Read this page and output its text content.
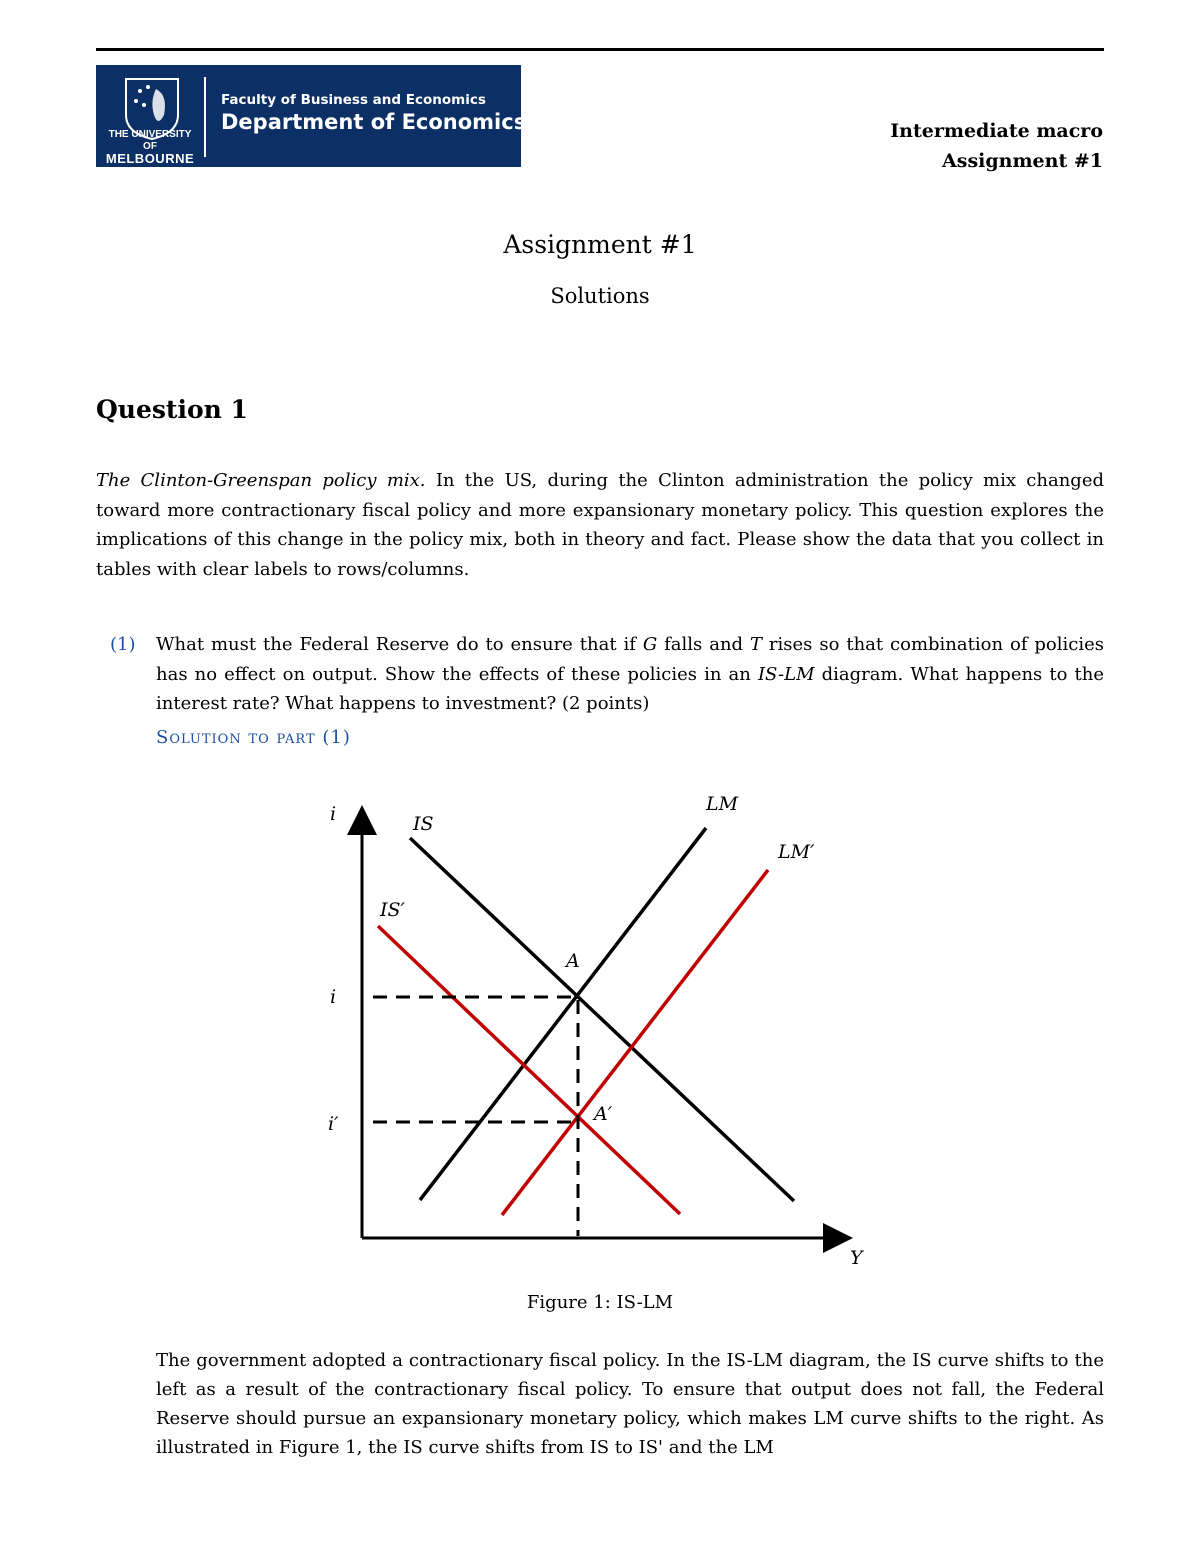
THE UNIVERSITY OF
MELBOURNE
Faculty of Business and Economics
Department of Economics	Intermediate macro
Assignment #1
Assignment #1
Solutions
Question 1
The Clinton-Greenspan policy mix. In the US, during the Clinton administration the policy mix changed toward more contractionary fiscal policy and more expansionary monetary policy. This question explores the implications of this change in the policy mix, both in theory and fact. Please show the data that you collect in tables with clear labels to rows/columns.
(1) What must the Federal Reserve do to ensure that if G falls and T rises so that combination of policies has no effect on output. Show the effects of these policies in an IS-LM diagram. What happens to the interest rate? What happens to investment? (2 points)
Solution to part (1)
i
Y
IS
IS′
LM
LM′
A
A′
i
i′
Figure 1: IS-LM
The government adopted a contractionary fiscal policy. In the IS-LM diagram, the IS curve shifts to the left as a result of the contractionary fiscal policy. To ensure that output does not fall, the Federal Reserve should pursue an expansionary monetary policy, which makes LM curve shifts to the right. As illustrated in Figure 1, the IS curve shifts from IS to IS' and the LM
